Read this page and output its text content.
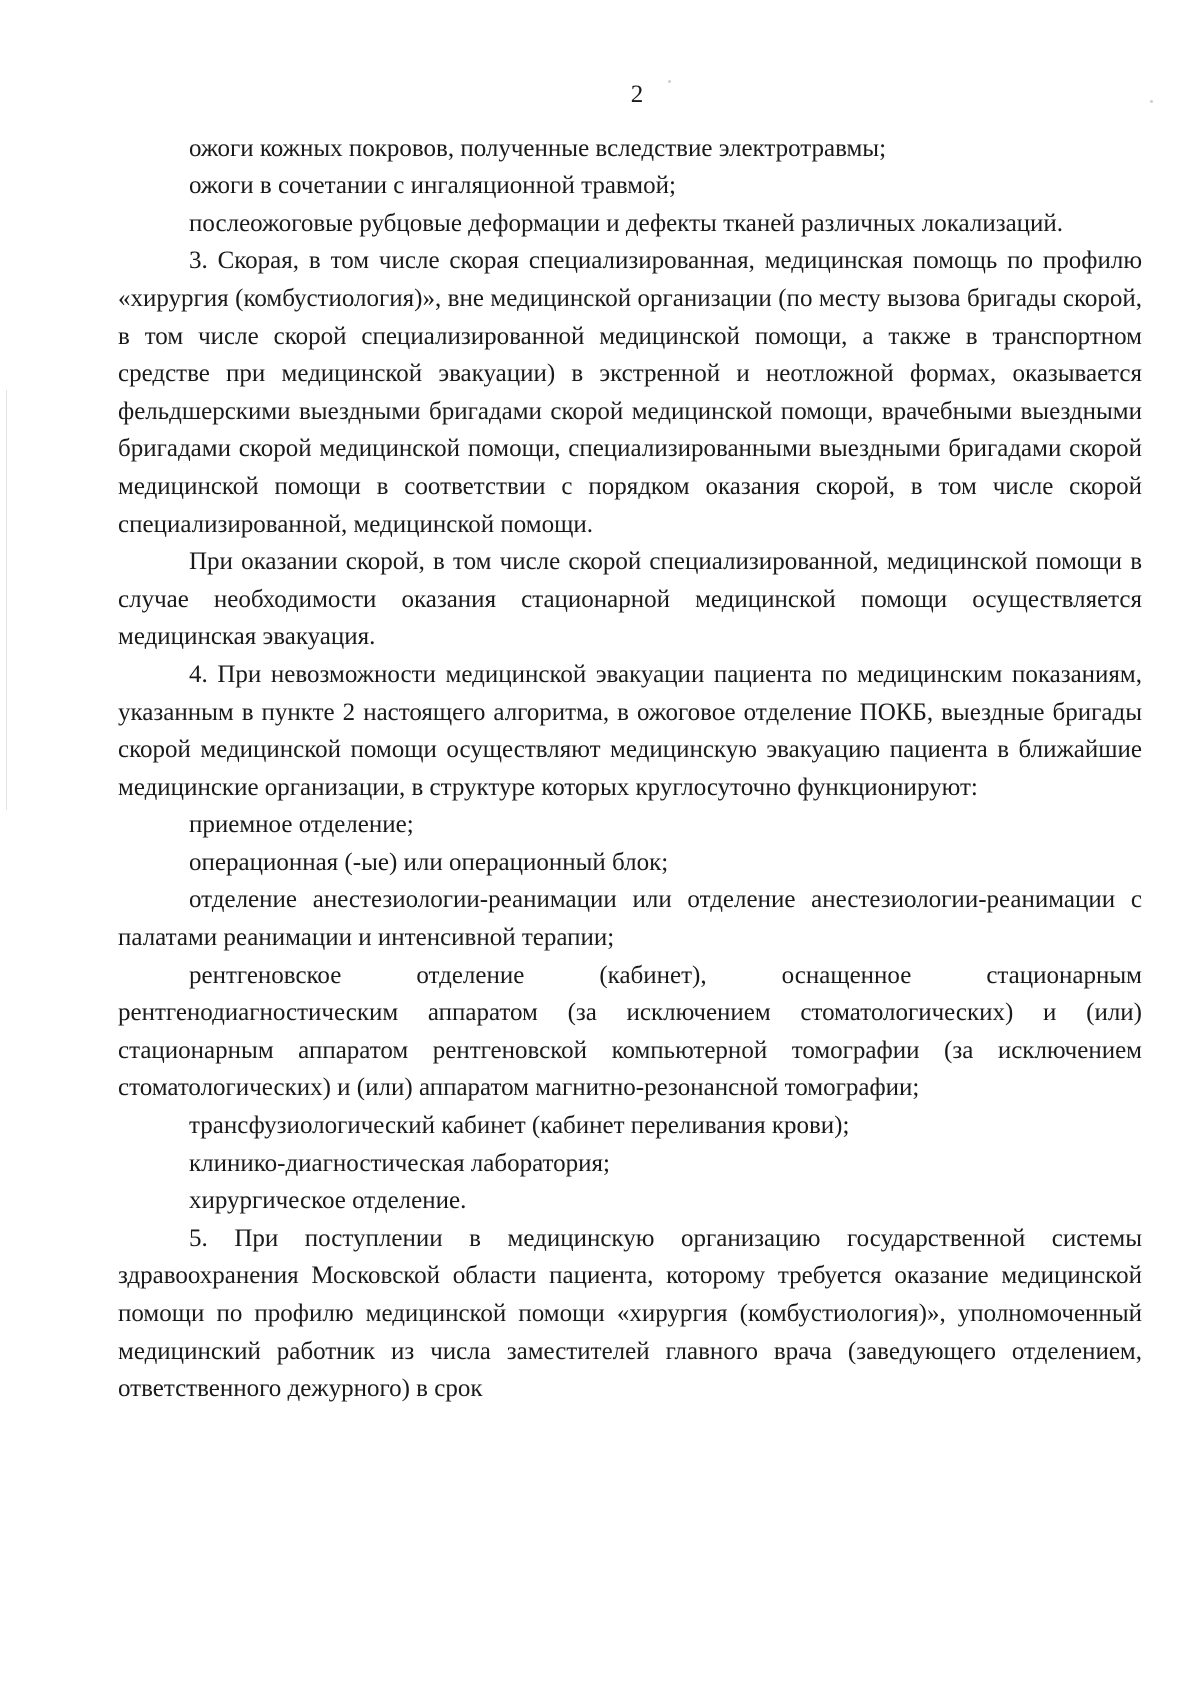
2

ожоги кожных покровов, полученные вследствие электротравмы;

ожоги в сочетании с ингаляционной травмой;

послеожоговые рубцовые деформации и дефекты тканей различных локализаций.

3. Скорая, в том числе скорая специализированная, медицинская помощь по профилю «хирургия (комбустиология)», вне медицинской организации (по месту вызова бригады скорой, в том числе скорой специализированной медицинской помощи, а также в транспортном средстве при медицинской эвакуации) в экстренной и неотложной формах, оказывается фельдшерскими выездными бригадами скорой медицинской помощи, врачебными выездными бригадами скорой медицинской помощи, специализированными выездными бригадами скорой медицинской помощи в соответствии с порядком оказания скорой, в том числе скорой специализированной, медицинской помощи.

При оказании скорой, в том числе скорой специализированной, медицинской помощи в случае необходимости оказания стационарной медицинской помощи осуществляется медицинская эвакуация.

4. При невозможности медицинской эвакуации пациента по медицинским показаниям, указанным в пункте 2 настоящего алгоритма, в ожоговое отделение ПОКБ, выездные бригады скорой медицинской помощи осуществляют медицинскую эвакуацию пациента в ближайшие медицинские организации, в структуре которых круглосуточно функционируют:

приемное отделение;

операционная (-ые) или операционный блок;

отделение анестезиологии-реанимации или отделение анестезиологии-реанимации с палатами реанимации и интенсивной терапии;

рентгеновское отделение (кабинет), оснащенное стационарным рентгенодиагностическим аппаратом (за исключением стоматологических) и (или) стационарным аппаратом рентгеновской компьютерной томографии (за исключением стоматологических) и (или) аппаратом магнитно-резонансной томографии;

трансфузиологический кабинет (кабинет переливания крови);

клинико-диагностическая лаборатория;

хирургическое отделение.

5. При поступлении в медицинскую организацию государственной системы здравоохранения Московской области пациента, которому требуется оказание медицинской помощи по профилю медицинской помощи «хирургия (комбустиология)», уполномоченный медицинский работник из числа заместителей главного врача (заведующего отделением, ответственного дежурного) в срок
